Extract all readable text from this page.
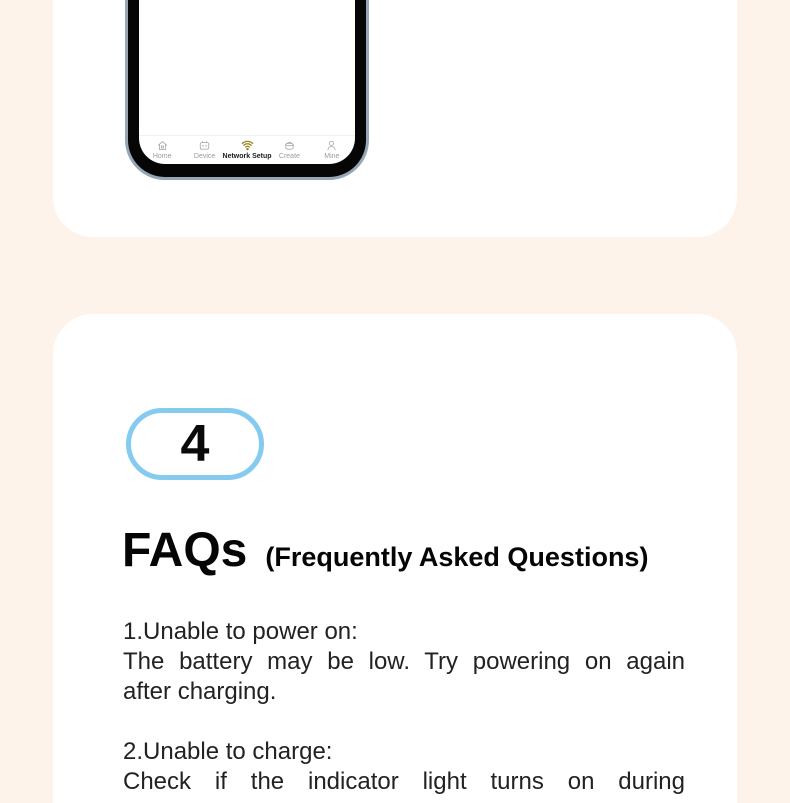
Home	Device Network Setup Create	Mine
4
FAQs (Frequently Asked Questions)
1.Unable to power on:
The battery may be low. Try powering on again
after charging.
2.Unable to charge:
Check if the indicator light turns on during
